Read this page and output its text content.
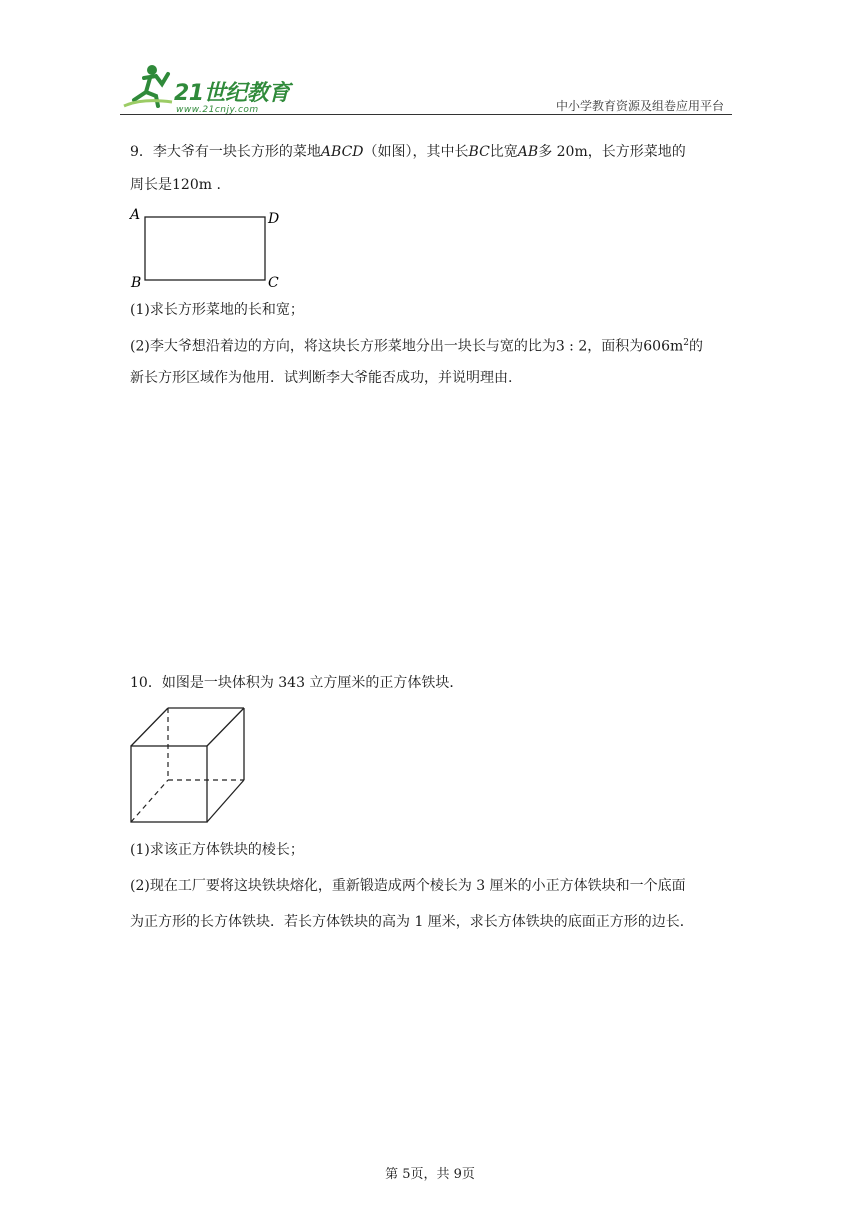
21世纪教育
www.21cnjy.com	中小学教育资源及组卷应用平台
9．李大爷有一块长方形的菜地ABCD（如图），其中长BC比宽AB多 20m，长方形菜地的
周长是120m .
A
B	C
D
(1)求长方形菜地的长和宽；
(2)李大爷想沿着边的方向，将这块长方形菜地分出一块长与宽的比为3 : 2，面积为$606m^2$的
新长方形区域作为他用．试判断李大爷能否成功，并说明理由.
10．如图是一块体积为 343 立方厘米的正方体铁块．
(1)求该正方体铁块的棱长；
(2)现在工厂要将这块铁块熔化，重新锻造成两个棱长为 3 厘米的小正方体铁块和一个底面
为正方形的长方体铁块．若长方体铁块的高为 1 厘米，求长方体铁块的底面正方形的边长．
第 5页，共 9页
